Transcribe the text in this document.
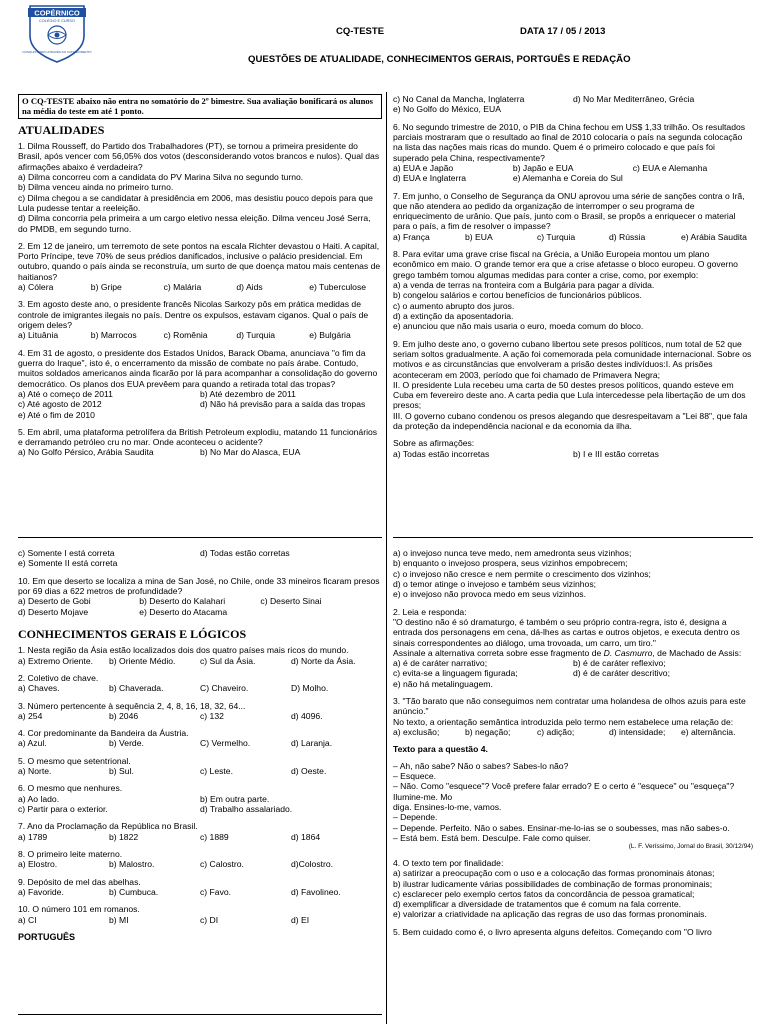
COPÉRNICO
COLÉGIO E CURSO
CONQUISTANDO ATRAVÉS DO CONHECIMENTO
CQ-TESTE	DATA 17 / 05 / 2013
QUESTÕES DE ATUALIDADE, CONHECIMENTOS GERAIS, PORTGUÊS E REDAÇÃO
O CQ-TESTE abaixo não entra no somatório do 2º bimestre. Sua avaliação bonificará os alunos na média do teste em até 1 ponto.
ATUALIDADES

1. Dilma Rousseff, do Partido dos Trabalhadores (PT), se tornou a primeira presidente do Brasil, após vencer com 56,05% dos votos (desconsiderando votos brancos e nulos). Qual das afirmações abaixo é verdadeira?

a) Dilma concorreu com a candidata do PV Marina Silva no segundo turno.
b) Dilma venceu ainda no primeiro turno.
c) Dilma chegou a se candidatar à presidência em 2006, mas desistiu pouco depois para que Lula pudesse tentar a reeleição.
d) Dilma concorria pela primeira a um cargo eletivo nessa eleição. Dilma venceu José Serra, do PMDB, em segundo turno.

2. Em 12 de janeiro, um terremoto de sete pontos na escala Richter devastou o Haiti. A capital, Porto Príncipe, teve 70% de seus prédios danificados, inclusive o palácio presidencial. Em outubro, quando o país ainda se reconstruía, um surto de que doença matou mais centenas de haitianos?

a) Cólera	b) Gripe	c) Malária	d) Aids	e) Tuberculose

3. Em agosto deste ano, o presidente francês Nicolas Sarkozy pôs em prática medidas de controle de imigrantes ilegais no país. Dentre os expulsos, estavam ciganos. Qual o país de origem deles?

a) Lituânia	b) Marrocos	c) Romênia	d) Turquia	e) Bulgária

4. Em 31 de agosto, o presidente dos Estados Unidos, Barack Obama, anunciava "o fim da guerra do Iraque", isto é, o encerramento da missão de combate no país árabe. Contudo, muitos soldados americanos ainda ficarão por lá para acompanhar a consolidação do governo democrático. Os planos dos EUA prevêem para quando a retirada total das tropas?

a) Até o começo de 2011	b) Até dezembro de 2011
c) Até agosto de 2012	d) Não há previsão para a saída das tropas
e) Até o fim de 2010

5. Em abril, uma plataforma petrolífera da British Petroleum explodiu, matando 11 funcionários e derramando petróleo cru no mar. Onde aconteceu o acidente?

a) No Golfo Pérsico, Arábia Saudita	b) No Mar do Alasca, EUA
c) Somente I está correta	d) Todas estão corretas
e) Somente II está correta

10. Em que deserto se localiza a mina de San José, no Chile, onde 33 mineiros ficaram presos por 69 dias a 622 metros de profundidade?

a) Deserto de Gobi	b) Deserto do Kalahari	c) Deserto Sinai
d) Deserto Mojave	e) Deserto do Atacama
CONHECIMENTOS GERAIS E LÓGICOS

1. Nesta região da Ásia estão localizados dois dos quatro países mais ricos do mundo.

a) Extremo Oriente.	b) Oriente Médio.	c) Sul da Ásia.	d) Norte da Ásia.

2. Coletivo de chave.

a) Chaves.	b) Chaverada.	C) Chaveiro.	D) Molho.

3. Número pertencente à sequência 2, 4, 8, 16, 18, 32, 64...

a) 254	b) 2046	c) 132	d) 4096.

4. Cor predominante da Bandeira da Áustria.

a) Azul.	b) Verde.	C) Vermelho.	d) Laranja.

5. O mesmo que setentrional.

a) Norte.	b) Sul.	c) Leste.	d) Oeste.

6. O mesmo que nenhures.

a) Ao lado.	b) Em outra parte.
c) Partir para o exterior.	d) Trabalho assalariado.

7. Ano da Proclamação da República no Brasil.

a) 1789	b) 1822	c) 1889	d) 1864

8. O primeiro leite materno.

a) Elostro.	b) Malostro.	c) Calostro.	d)Colostro.

9. Depósito de mel das abelhas.

a) Favoride.	b) Cumbuca.	c) Favo.	d) Favolineo.

10. O número 101 em romanos.

a) CI	b) MI	c) DI	d) EI
PORTUGUÊS
c) No Canal da Mancha, Inglaterra	d) No Mar Mediterrâneo, Grécia
e) No Golfo do México, EUA

6. No segundo trimestre de 2010, o PIB da China fechou em US$ 1,33 trilhão. Os resultados parciais mostraram que o resultado ao final de 2010 colocaria o país na segunda colocação na lista das nações mais ricas do mundo. Quem é o primeiro colocado e que país foi superado pela China, respectivamente?

a) EUA e Japão	b) Japão e EUA	c) EUA e Alemanha
d) EUA e Inglaterra	e) Alemanha e Coreia do Sul

7. Em junho, o Conselho de Segurança da ONU aprovou uma série de sanções contra o Irã, que não atendera ao pedido da organização de interromper o seu programa de enriquecimento de urânio. Que país, junto com o Brasil, se propôs a enriquecer o material para o país, a fim de resolver o impasse?

a) França	b) EUA	c) Turquia	d) Rússia	e) Arábia Saudita

8. Para evitar uma grave crise fiscal na Grécia, a União Europeia montou um plano econômico em maio. O grande temor era que a crise afetasse o bloco europeu. O governo grego também tomou algumas medidas para conter a crise, como, por exemplo:

a) a venda de terras na fronteira com a Bulgária para pagar a dívida.
b) congelou salários e cortou benefícios de funcionários públicos.
c) o aumento abrupto dos juros.
d) a extinção da aposentadoria.
e) anunciou que não mais usaria o euro, moeda comum do bloco.

9. Em julho deste ano, o governo cubano libertou sete presos políticos, num total de 52 que seriam soltos gradualmente. A ação foi comemorada pela comunidade internacional. Sobre os motivos e as circunstâncias que envolveram a prisão destes indivíduos:I. As prisões aconteceram em 2003, período que foi chamado de Primavera Negra;

II. O presidente Lula recebeu uma carta de 50 destes presos políticos, quando esteve em Cuba em fevereiro deste ano. A carta pedia que Lula intercedesse pela libertação de um dos presos;
III. O governo cubano condenou os presos alegando que desrespeitavam a "Lei 88", que fala da proteção da independência nacional e da economia da ilha.

Sobre as afirmações:

a) Todas estão incorretas	b) I e III estão corretas
a) o invejoso nunca teve medo, nem amedronta seus vizinhos;
b) enquanto o invejoso prospera, seus vizinhos empobrecem;
c) o invejoso não cresce e nem permite o crescimento dos vizinhos;
d) o temor atinge o invejoso e também seus vizinhos;
e) o invejoso não provoca medo em seus vizinhos.

2. Leia e responda:
"O destino não é só dramaturgo, é também o seu próprio contra-regra, isto é, designa a entrada dos personagens em cena, dá-lhes as cartas e outros objetos, e executa dentro os sinais correspondentes ao diálogo, uma trovoada, um carro, um tiro."
Assinale a alternativa correta sobre esse fragmento de D. Casmurro, de Machado de Assis:

a) é de caráter narrativo;	b) é de caráter reflexivo;
c) evita-se a linguagem figurada;	d) é de caráter descritivo;
e) não há metalinguagem.

3. "Tão barato que não conseguimos nem contratar uma holandesa de olhos azuis para este anúncio."
No texto, a orientação semântica introduzida pelo termo nem estabelece uma relação de:

a) exclusão;	b) negação;	c) adição;	d) intensidade;	e) alternância.

Texto para a questão 4.

– Ah, não sabe? Não o sabes? Sabes-lo não?

– Esquece.

– Não. Como "esquece"? Você prefere falar errado? E o certo é "esquece" ou "esqueça"? Ilumine-me. Mo

diga. Ensines-lo-me, vamos.

– Depende.

– Depende. Perfeito. Não o sabes. Ensinar-me-lo-ias se o soubesses, mas não sabes-o.

– Está bem. Está bem. Desculpe. Fale como quiser.

(L. F. Veríssimo, Jornal do Brasil, 30/12/94)

4. O texto tem por finalidade:

a) satirizar a preocupação com o uso e a colocação das formas pronominais átonas;
b) ilustrar ludicamente várias possibilidades de combinação de formas pronominais;
c) esclarecer pelo exemplo certos fatos da concordância de pessoa gramatical;
d) exemplificar a diversidade de tratamentos que é comum na fala corrente.
e) valorizar a criatividade na aplicação das regras de uso das formas pronominais.

5. Bem cuidado como é, o livro apresenta alguns defeitos. Começando com "O livro
